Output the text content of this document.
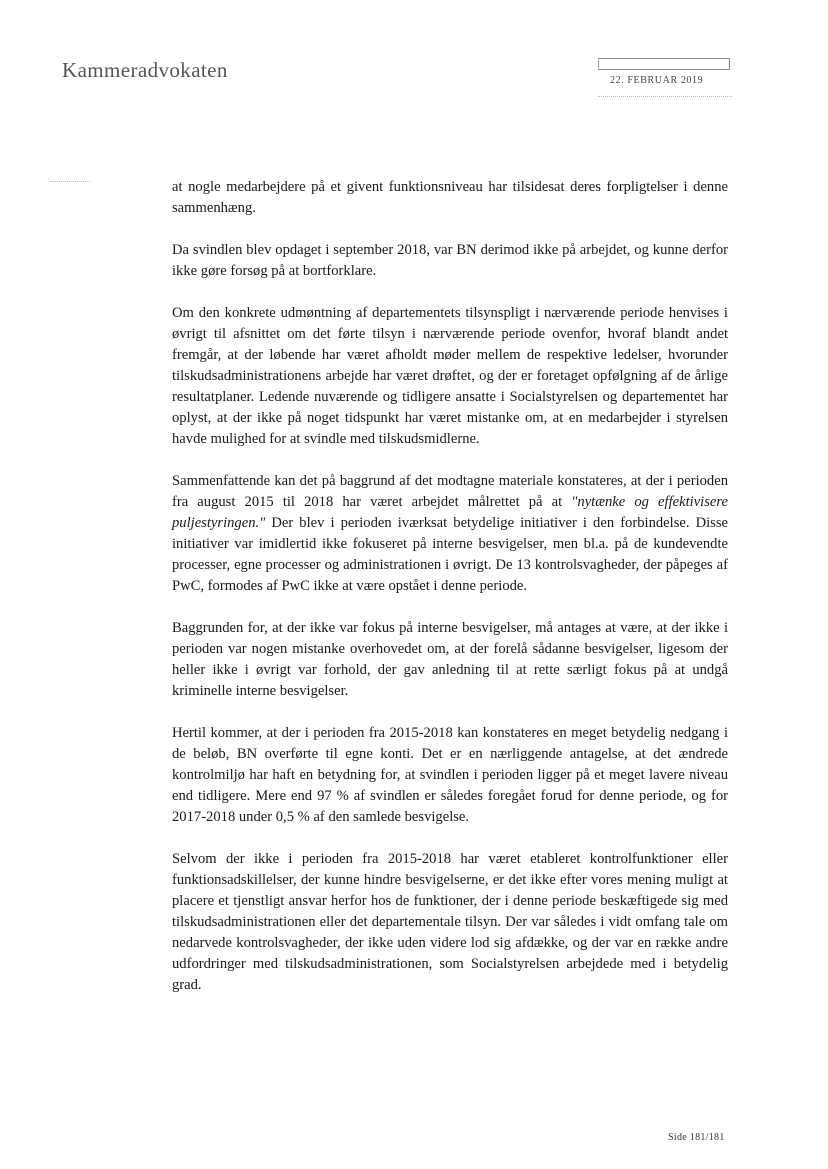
Kammeradvokaten	22. FEBRUAR 2019

at nogle medarbejdere på et givent funktionsniveau har tilsidesat deres forpligtelser i denne sammenhæng.

Da svindlen blev opdaget i september 2018, var BN derimod ikke på arbejdet, og kunne derfor ikke gøre forsøg på at bortforklare.

Om den konkrete udmøntning af departementets tilsynspligt i nærværende periode henvises i øvrigt til afsnittet om det førte tilsyn i nærværende periode ovenfor, hvoraf blandt andet fremgår, at der løbende har været afholdt møder mellem de respektive ledelser, hvorunder tilskudsadministrationens arbejde har været drøftet, og der er foretaget opfølgning af de årlige resultatplaner. Ledende nuværende og tidligere ansatte i Socialstyrelsen og departementet har oplyst, at der ikke på noget tidspunkt har været mistanke om, at en medarbejder i styrelsen havde mulighed for at svindle med tilskudsmidlerne.

Sammenfattende kan det på baggrund af det modtagne materiale konstateres, at der i perioden fra august 2015 til 2018 har været arbejdet målrettet på at "nytænke og effektivisere puljestyringen." Der blev i perioden iværksat betydelige initiativer i den forbindelse. Disse initiativer var imidlertid ikke fokuseret på interne besvigelser, men bl.a. på de kundevendte processer, egne processer og administrationen i øvrigt. De 13 kontrolsvagheder, der påpeges af PwC, formodes af PwC ikke at være opstået i denne periode.

Baggrunden for, at der ikke var fokus på interne besvigelser, må antages at være, at der ikke i perioden var nogen mistanke overhovedet om, at der forelå sådanne besvigelser, ligesom der heller ikke i øvrigt var forhold, der gav anledning til at rette særligt fokus på at undgå kriminelle interne besvigelser.

Hertil kommer, at der i perioden fra 2015-2018 kan konstateres en meget betydelig nedgang i de beløb, BN overførte til egne konti. Det er en nærliggende antagelse, at det ændrede kontrolmiljø har haft en betydning for, at svindlen i perioden ligger på et meget lavere niveau end tidligere. Mere end 97 % af svindlen er således foregået forud for denne periode, og for 2017-2018 under 0,5 % af den samlede besvigelse.

Selvom der ikke i perioden fra 2015-2018 har været etableret kontrolfunktioner eller funktionsadskillelser, der kunne hindre besvigelserne, er det ikke efter vores mening muligt at placere et tjenstligt ansvar herfor hos de funktioner, der i denne periode beskæftigede sig med tilskudsadministrationen eller det departementale tilsyn. Der var således i vidt omfang tale om nedarvede kontrolsvagheder, der ikke uden videre lod sig afdække, og der var en række andre udfordringer med tilskudsadministrationen, som Socialstyrelsen arbejdede med i betydelig grad.

Side 181/181
